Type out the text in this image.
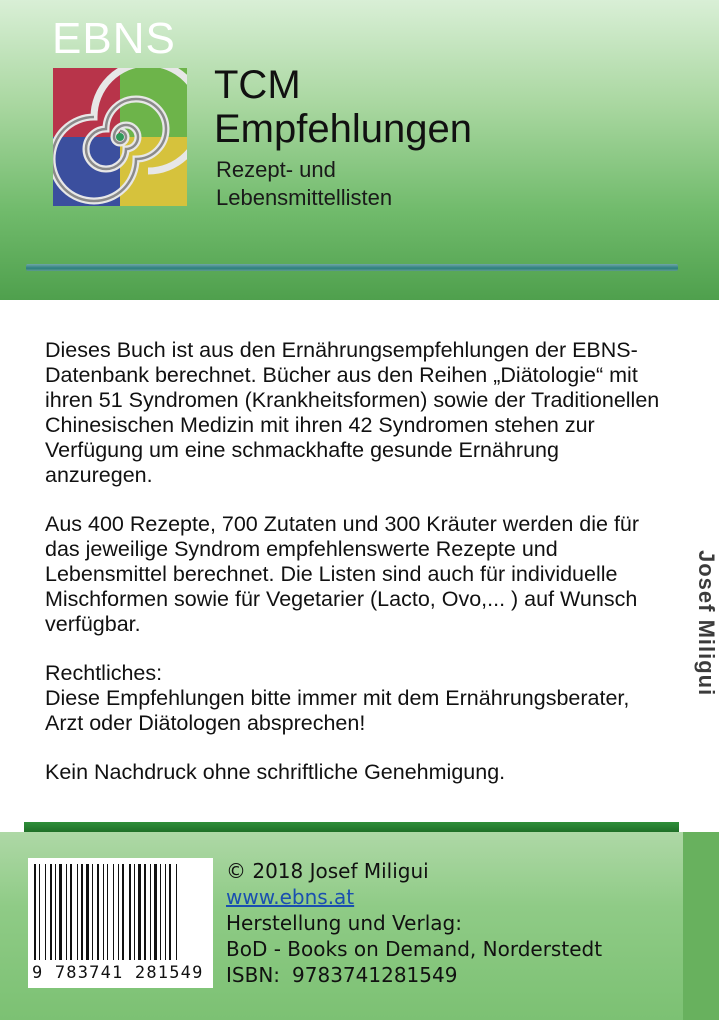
EBNS
TCM
Empfehlungen
Rezept- und
Lebensmittellisten

Dieses Buch ist aus den Ernährungsempfehlungen der EBNS-Datenbank berechnet. Bücher aus den Reihen „Diätologie“ mit ihren 51 Syndromen (Krankheitsformen) sowie der Traditionellen Chinesischen Medizin mit ihren 42 Syndromen stehen zur Verfügung um eine schmackhafte gesunde Ernährung anzuregen.

Aus 400 Rezepte, 700 Zutaten und 300 Kräuter werden die für das jeweilige Syndrom empfehlenswerte Rezepte und Lebensmittel berechnet. Die Listen sind auch für individuelle Mischformen sowie für Vegetarier (Lacto, Ovo,... ) auf Wunsch verfügbar.

Rechtliches:

Diese Empfehlungen bitte immer mit dem Ernährungsberater, Arzt oder Diätologen absprechen!

Kein Nachdruck ohne schriftliche Genehmigung.

Josef Miligui
9 783741 281549
© 2018 Josef Miligui
www.ebns.at
Herstellung und Verlag:
BoD - Books on Demand, Norderstedt
ISBN: 9783741281549
